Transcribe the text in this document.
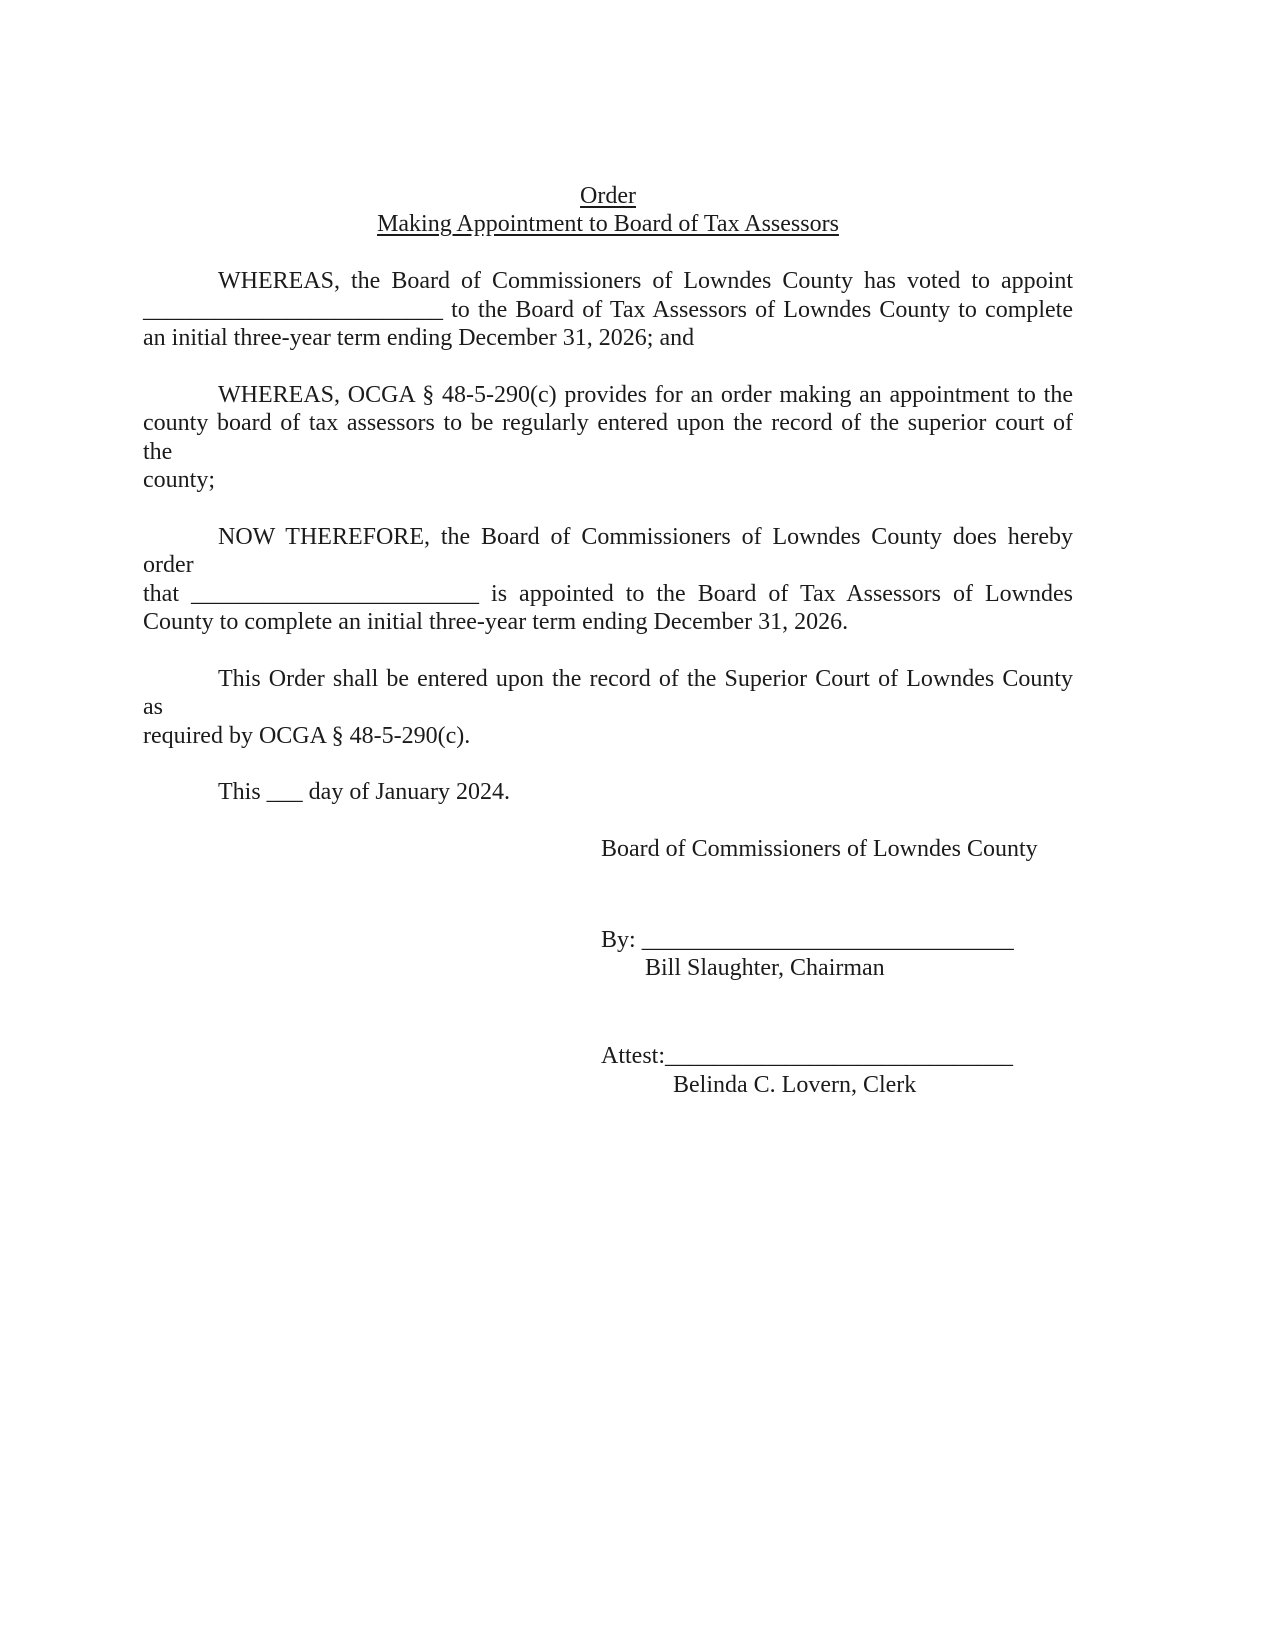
Order
Making Appointment to Board of Tax Assessors
WHEREAS, the Board of Commissioners of Lowndes County has voted to appoint
_________________________ to the Board of Tax Assessors of Lowndes County to complete
an initial three-year term ending December 31, 2026; and
WHEREAS, OCGA § 48-5-290(c) provides for an order making an appointment to the
county board of tax assessors to be regularly entered upon the record of the superior court of the
county;
NOW THEREFORE, the Board of Commissioners of Lowndes County does hereby order
that ________________________ is appointed to the Board of Tax Assessors of Lowndes
County to complete an initial three-year term ending December 31, 2026.
This Order shall be entered upon the record of the Superior Court of Lowndes County as
required by OCGA § 48-5-290(c).
This ___ day of January 2024.
Board of Commissioners of Lowndes County
By: _______________________________
Bill Slaughter, Chairman
Attest:_____________________________
Belinda C. Lovern, Clerk
